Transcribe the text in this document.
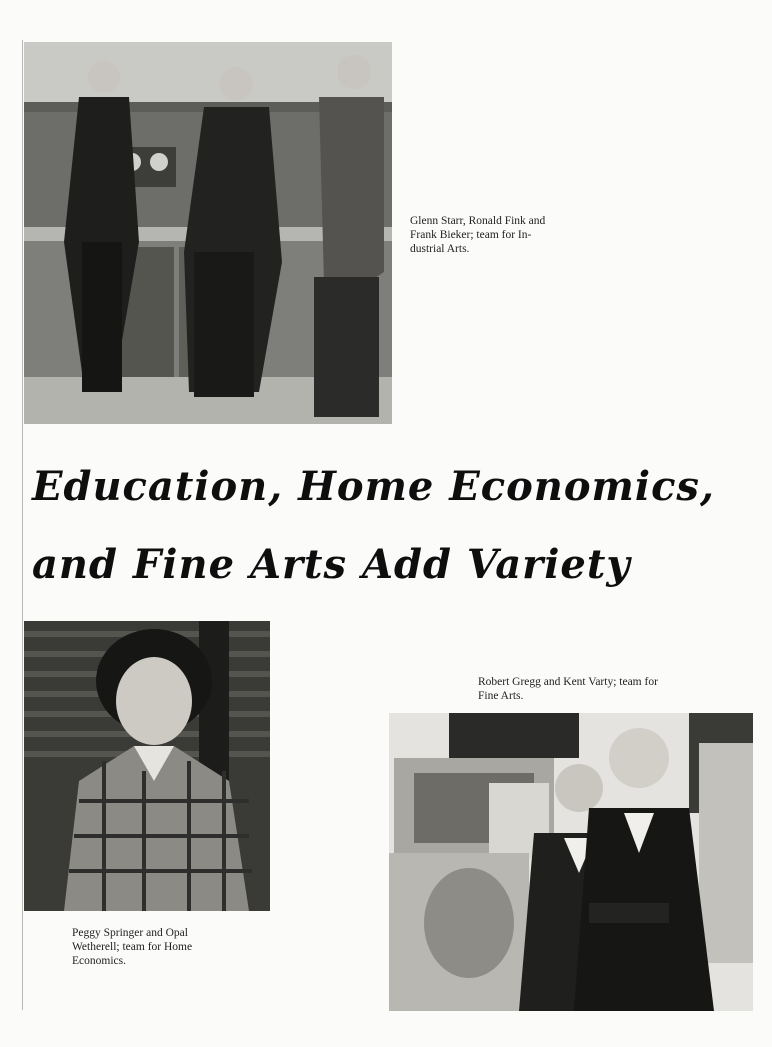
Glenn Starr, Ronald Fink and
Frank Bieker; team for In-
dustrial Arts.
Education, Home Economics,
and Fine Arts Add Variety
Peggy Springer and Opal
Wetherell; team for Home
Economics.
Robert Gregg and Kent Varty; team for
Fine Arts.
